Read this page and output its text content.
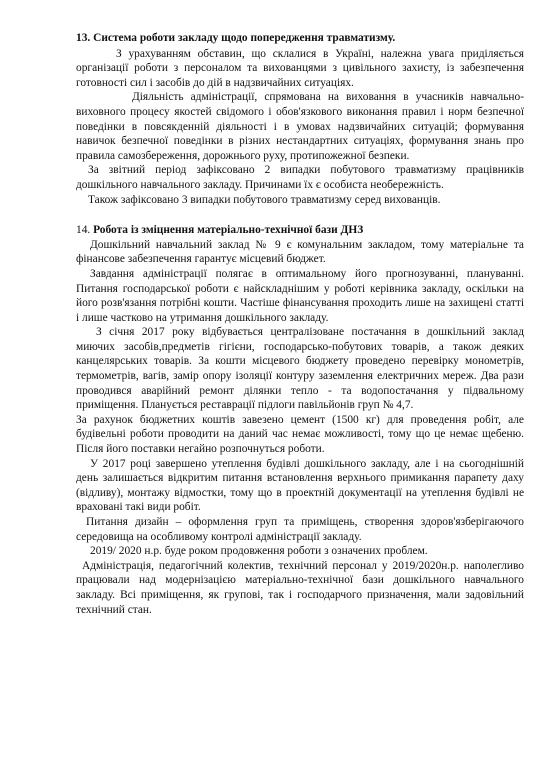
13. Система роботи закладу щодо попередження травматизму.

З урахуванням обставин, що склалися в Україні, належна увага приділяється організації роботи з персоналом та вихованцями з цивільного захисту, із забезпечення готовності сил і засобів до дій в надзвичайних ситуаціях.

Діяльність адміністрації, спрямована на виховання в учасників навчально-виховного процесу якостей свідомого і обов'язкового виконання правил і норм безпечної поведінки в повсякденній діяльності і в умовах надзвичайних ситуацій; формування навичок безпечної поведінки в різних нестандартних ситуаціях, формування знань про правила самозбереження, дорожнього руху, протипожежної безпеки.

За звітний період зафіксовано 2 випадки побутового травматизму працівників дошкільного навчального закладу. Причинами їх є особиста необережність.

Також зафіксовано 3 випадки побутового травматизму серед вихованців.

14. Робота із зміцнення матеріально-технічної бази ДНЗ

Дошкільний навчальний заклад № 9 є комунальним закладом, тому матеріальне та фінансове забезпечення гарантує місцевий бюджет.

Завдання адміністрації полягає в оптимальному його прогнозуванні, плануванні. Питання господарської роботи є найскладнішим у роботі керівника закладу, оскільки на його розв'язання потрібні кошти. Частіше фінансування проходить лише на захищені статті і лише частково на утримання дошкільного закладу.

З січня 2017 року відбувається централізоване постачання в дошкільний заклад миючих засобів,предметів гігієни, господарсько-побутових товарів, а також деяких канцелярських товарів. За кошти місцевого бюджету проведено перевірку монометрів, термометрів, вагів, замір опору ізоляції контуру заземлення електричних мереж. Два рази проводився аварійний ремонт ділянки тепло - та водопостачання у підвальному приміщення. Планується реставрації підлоги павільйонів груп № 4,7.

За рахунок бюджетних коштів завезено цемент (1500 кг) для проведення робіт, але будівельні роботи проводити на даний час немає можливості, тому що це немає щебеню. Після його поставки негайно розпочнуться роботи.

У 2017 році завершено утеплення будівлі дошкільного закладу, але і на сьогоднішній день залишається відкритим питання встановлення верхнього примикання парапету даху (відливу), монтажу відмостки, тому що в проектній документації на утеплення будівлі не враховані такі види робіт.

Питання дизайн – оформлення груп та приміщень, створення здоров'язберігаючого середовища на особливому контролі адміністрації закладу.

2019/ 2020 н.р. буде роком продовження роботи з означених проблем.

Адміністрація, педагогічний колектив, технічний персонал у 2019/2020н.р. наполегливо працювали над модернізацією матеріально-технічної бази дошкільного навчального закладу. Всі приміщення, як групові, так і господарчого призначення, мали задовільний технічний стан.
